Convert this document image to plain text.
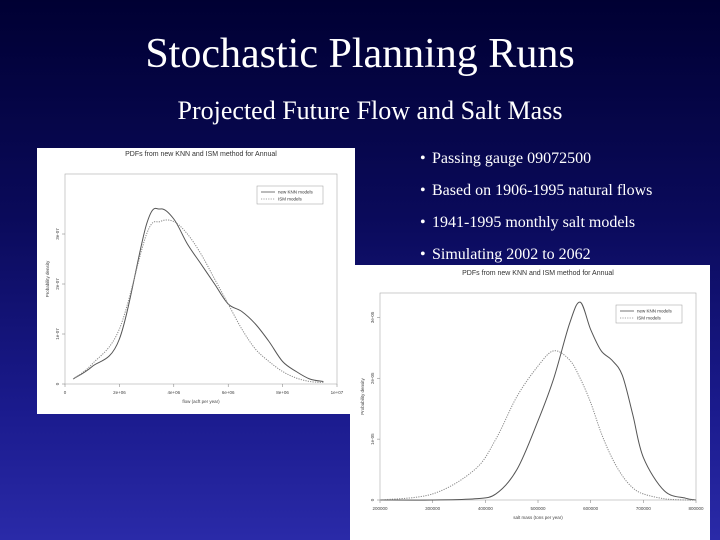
Stochastic Planning Runs
Projected Future Flow and Salt Mass
• Passing gauge 09072500
• Based on 1906-1995 natural flows
• 1941-1995 monthly salt models
• Simulating 2002 to 2062
PDFs from new KNN and ISM method for Annual
0	2e+06	4e+06	6e+06	8e+06	1e+07
0
1e-07
2e-07
3e-07
flow (acft per year)
Probability density
new KNN models
ISM models
PDFs from new KNN and ISM method for Annual
200000	300000	400000	500000	600000	700000	800000
0
1e-05
2e-05
3e-05
salt mass (tons per year)
Probability density
new KNN models
ISM models
